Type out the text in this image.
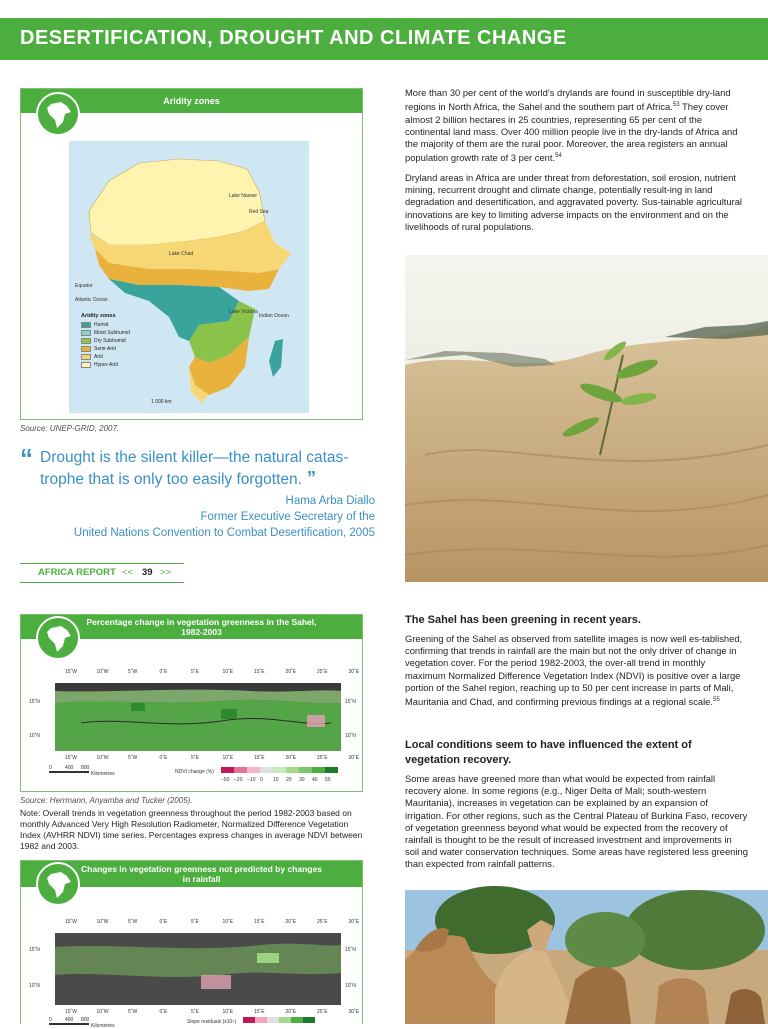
DESERTIFICATION, DROUGHT AND CLIMATE CHANGE
Aridity zones
Atlantic Ocean
Indian Ocean
Red Sea
Lake Nasser
Lake Chad
Lake Victoria
Equator
Aridity zones
Humid
Moist Subhumid
Dry Subhumid
Semi-Arid
Arid
Hyper-Arid
1 000 km
Source: UNEP-GRID, 2007.
“ Drought is the silent killer—the natural catas- trophe that is only too easily forgotten. ”
Hama Arba Diallo
Former Executive Secretary of the
United Nations Convention to Combat Desertification, 2005
AFRICA REPORT << 39 >>
More than 30 per cent of the world’s drylands are found in susceptible dry-land regions in North Africa, the Sahel and the southern part of Africa.$^{53}$ They cover almost 2 billion hectares in 25 countries, representing 65 per cent of the continental land mass. Over 400 million people live in the dry-lands of Africa and the majority of them are the rural poor. Moreover, the area registers an annual population growth rate of 3 per cent.$^{54}$
Dryland areas in Africa are under threat from deforestation, soil erosion, nutrient mining, recurrent drought and climate change, potentially result-ing in land degradation and desertification, and aggravated poverty. Sus-tainable agricultural innovations are key to limiting adverse impacts on the environment and on the livelihoods of rural populations.
Percentage change in vegetation greenness in the Sahel, 1982-2003
15˚W	10˚W	5˚W	0˚E	5˚E	10˚E	15˚E	20˚E	25˚E	30˚E
15˚W	10˚W	5˚W	0˚E	5˚E	10˚E	15˚E	20˚E	25˚E	30˚E
15˚N
10˚N
15˚N
10˚N
0	400 800
Kilometres	NDVI change (%)
−50 −20 −10 0 10 20 30 40 50
Source: Herrmann, Anyamba and Tucker (2005).
Note: Overall trends in vegetation greenness throughout the period 1982-2003 based on monthly Advanced Very High Resolution Radiometer, Normalized Difference Vegetation Index (AVHRR NDVI) time series. Percentages express changes in average NDVI between 1982 and 2003.
The Sahel has been greening in recent years.
Greening of the Sahel as observed from satellite images is now well es-tablished, confirming that trends in rainfall are the main but not the only driver of change in vegetation cover. For the period 1982-2003, the over-all trend in monthly maximum Normalized Difference Vegetation Index (NDVI) is positive over a large portion of the Sahel region, reaching up to 50 per cent increase in parts of Mali, Mauritania and Chad, and confirming previous findings at a regional scale.$^{55}$
Local conditions seem to have influenced the extent of vegetation recovery.
Some areas have greened more than what would be expected from rainfall recovery alone. In some regions (e.g., Niger Delta of Mali; south-western Mauritania), increases in vegetation can be explained by an expansion of irrigation. For other regions, such as the Central Plateau of Burkina Faso, recovery of vegetation greenness beyond what would be expected from the recovery of rainfall is thought to be the result of increased investment and improvements in soil and water conservation techniques. Some areas have registered less greening than expected from rainfall patterns.
Changes in vegetation greenness not predicted by changes in rainfall
15˚W	10˚W	5˚W	0˚E	5˚E	10˚E	15˚E	20˚E	25˚E	30˚E
15˚W	10˚W	5˚W	0˚E	5˚E	10˚E	15˚E	20˚E	25˚E	30˚E
15˚N
10˚N
15˚N
10˚N
0	400 800
Kilometres
Slope residuals (x10⁴)
